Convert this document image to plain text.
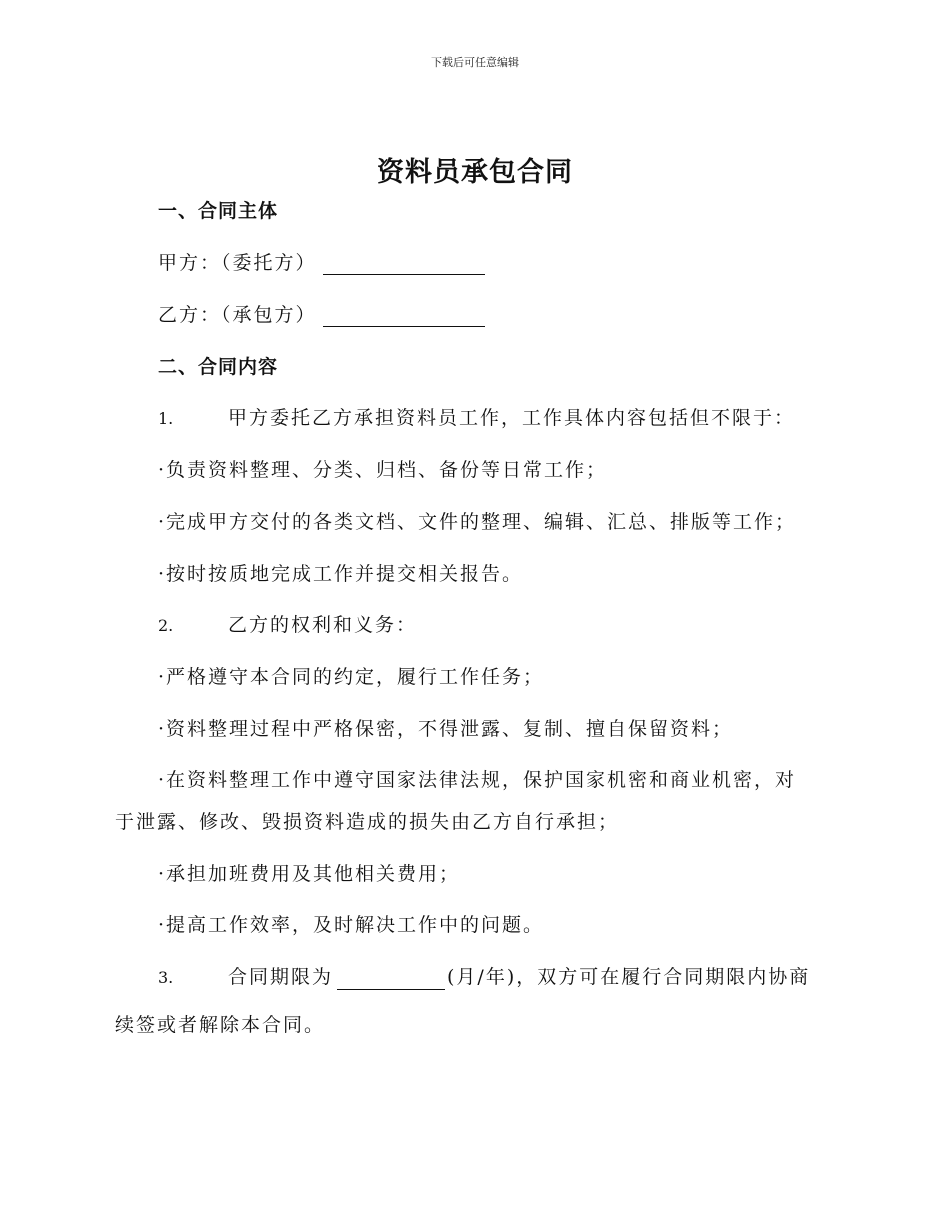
下载后可任意编辑
资料员承包合同
一、合同主体
甲方：（委托方）
乙方：（承包方）
二、合同内容
1.	甲方委托乙方承担资料员工作，工作具体内容包括但不限于：
· 负责资料整理、分类、归档、备份等日常工作；
· 完成甲方交付的各类文档、文件的整理、编辑、汇总、排版等工作；
· 按时按质地完成工作并提交相关报告。
2.	乙方的权利和义务：
· 严格遵守本合同的约定，履行工作任务；
· 资料整理过程中严格保密，不得泄露、复制、擅自保留资料；
· 在资料整理工作中遵守国家法律法规，保护国家机密和商业机密，对
于泄露、修改、毁损资料造成的损失由乙方自行承担；
· 承担加班费用及其他相关费用；
· 提高工作效率，及时解决工作中的问题。
3.	合同期限为	(月/年)，双方可在履行合同期限内协商
续签或者解除本合同。
